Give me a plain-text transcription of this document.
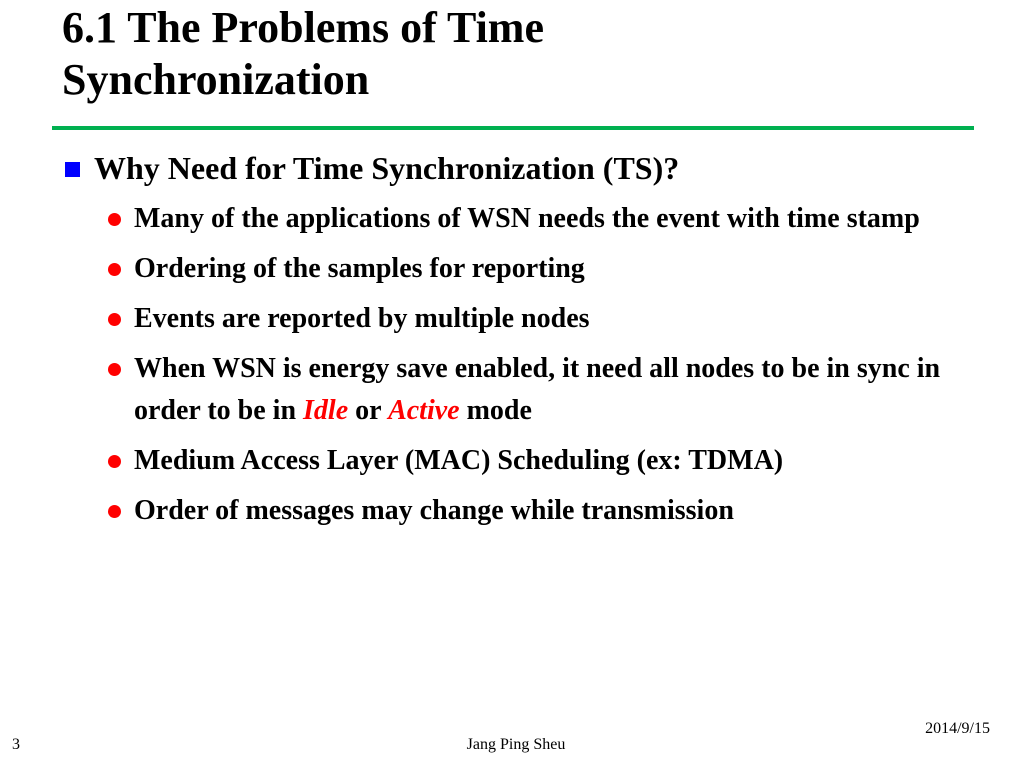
6.1 The Problems of Time
Synchronization
Why Need for Time Synchronization (TS)?
Many of the applications of WSN needs the event with time stamp
Ordering of the samples for reporting
Events are reported by multiple nodes
When WSN is energy save enabled, it need all nodes to be in sync in order to be in Idle or Active mode
Medium Access Layer (MAC) Scheduling (ex: TDMA)
Order of messages may change while transmission
3	Jang Ping Sheu
2014/9/15
